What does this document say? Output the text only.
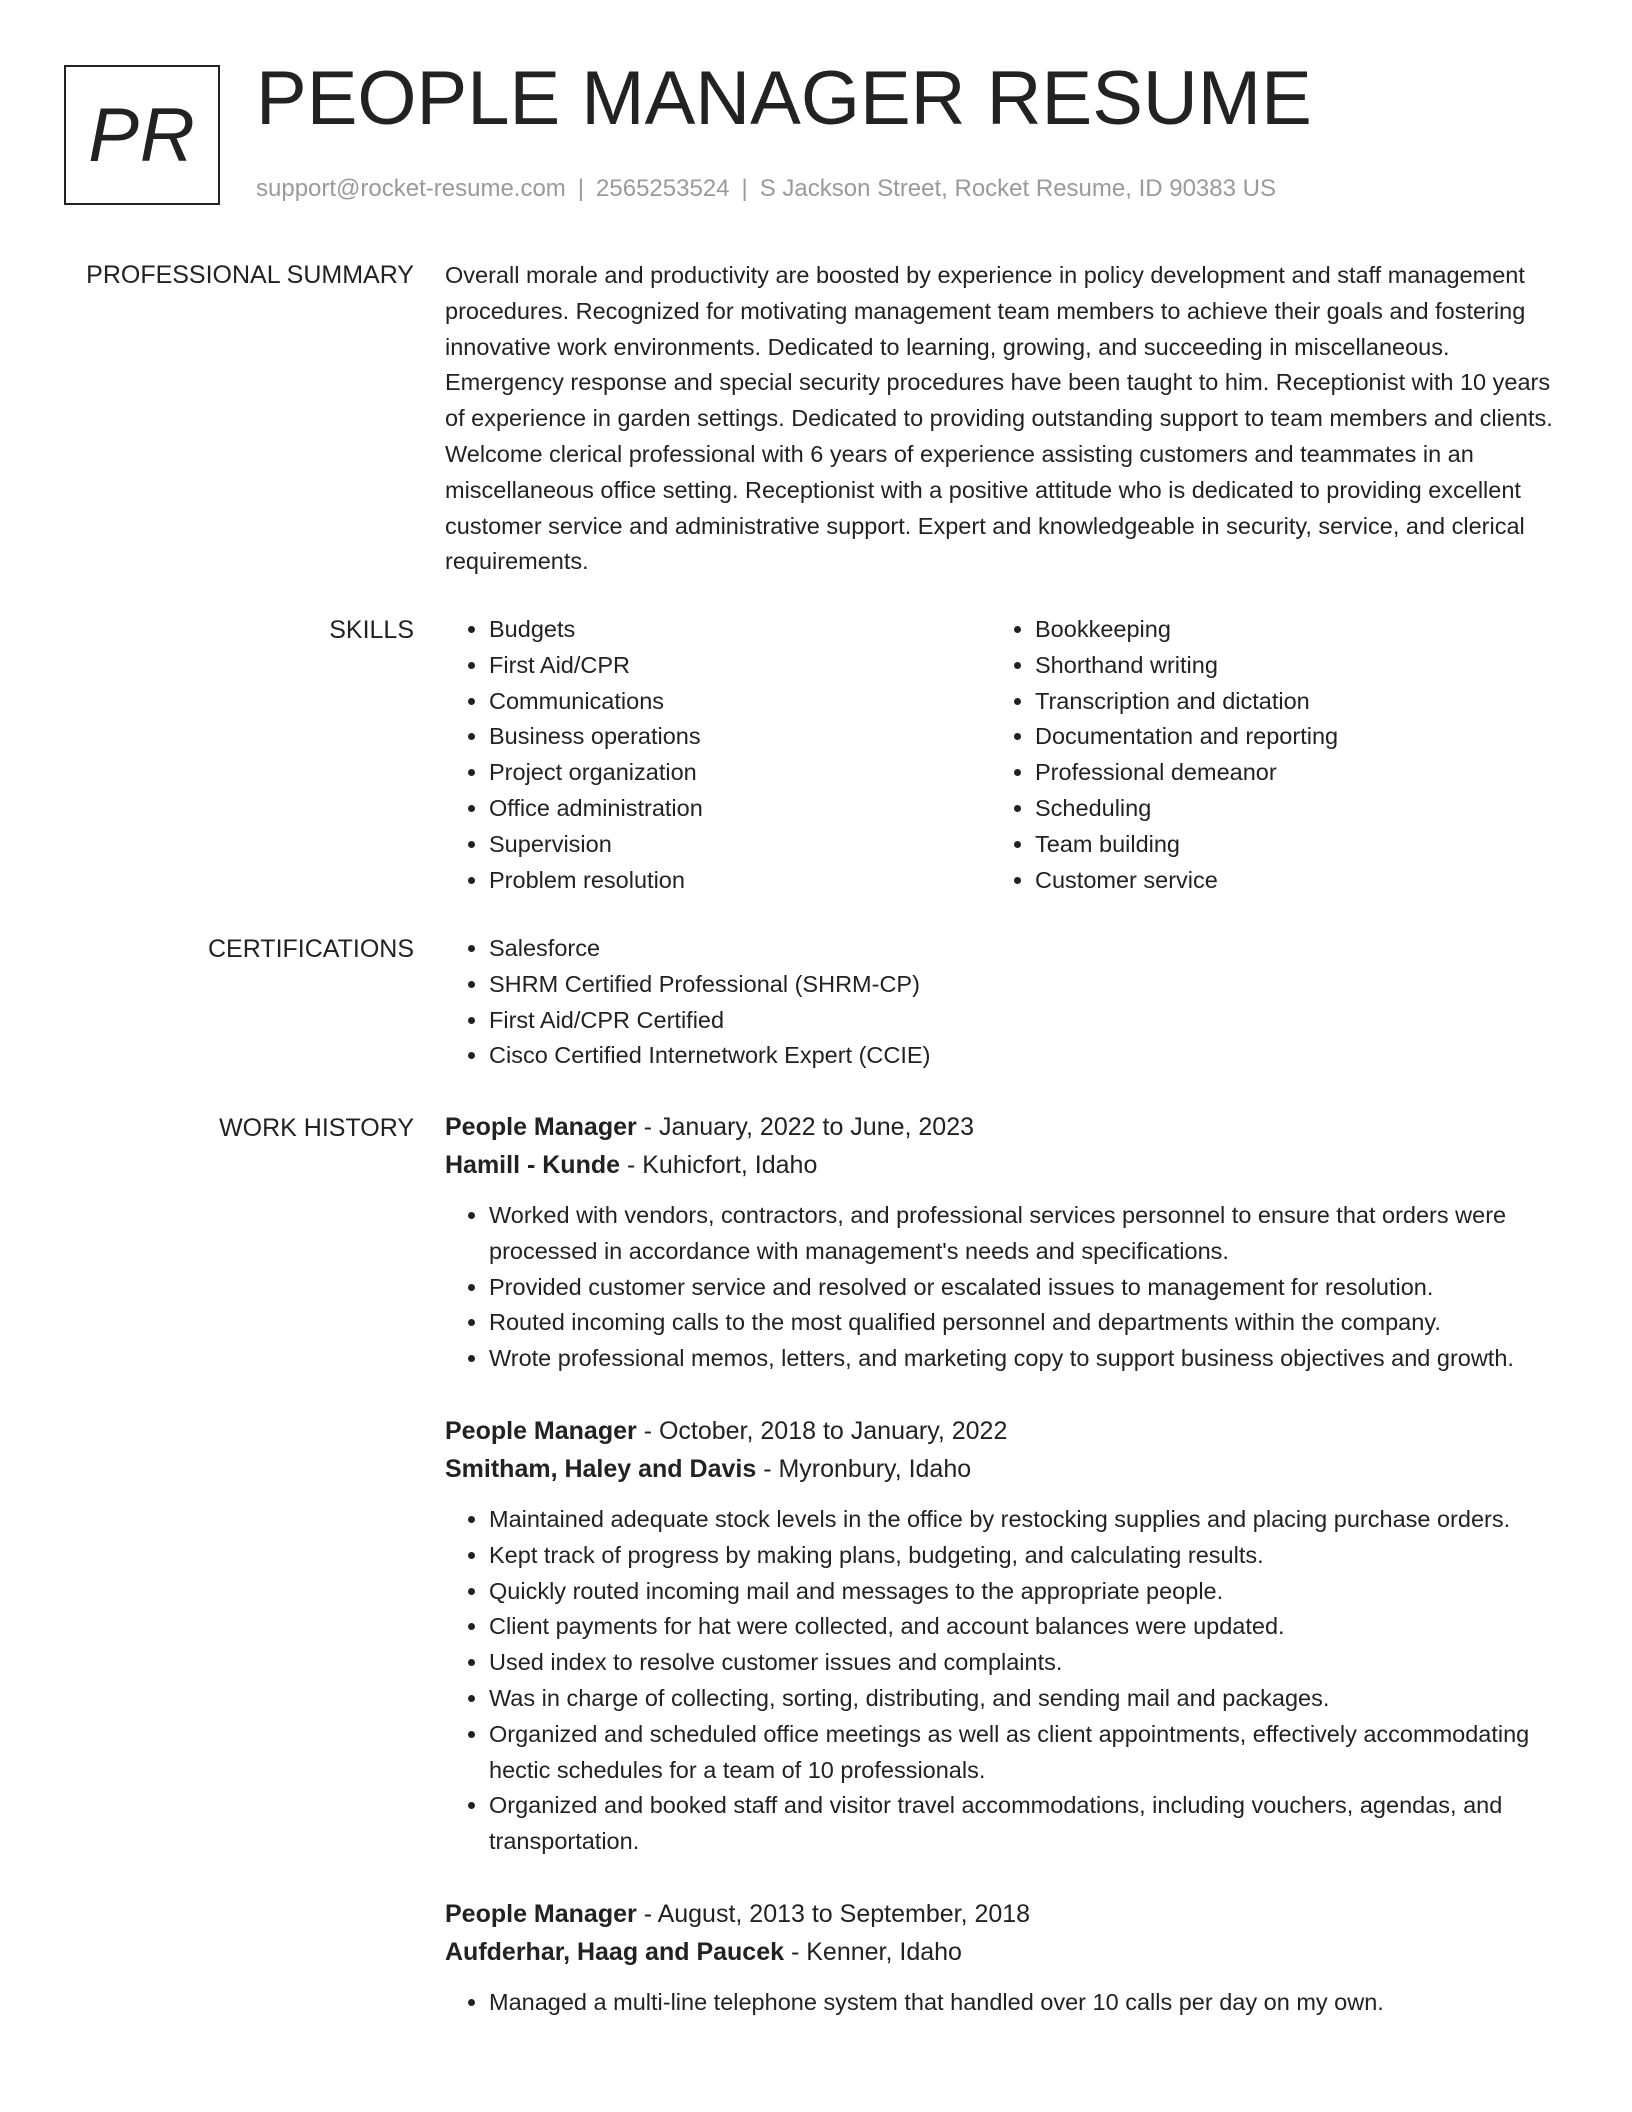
PR PEOPLE MANAGER RESUME
support@rocket-resume.com | 2565253524 | S Jackson Street, Rocket Resume, ID 90383 US
PROFESSIONAL SUMMARY Overall morale and productivity are boosted by experience in policy development and staff management procedures. Recognized for motivating management team members to achieve their goals and fostering innovative work environments. Dedicated to learning, growing, and succeeding in miscellaneous. Emergency response and special security procedures have been taught to him. Receptionist with 10 years of experience in garden settings. Dedicated to providing outstanding support to team members and clients. Welcome clerical professional with 6 years of experience assisting customers and teammates in an miscellaneous office setting. Receptionist with a positive attitude who is dedicated to providing excellent customer service and administrative support. Expert and knowledgeable in security, service, and clerical requirements.

SKILLS	• Budgets
• First Aid/CPR
• Communications
• Business operations
• Project organization
• Office administration
• Supervision
• Problem resolution
• Bookkeeping
• Shorthand writing
• Transcription and dictation
• Documentation and reporting
• Professional demeanor
• Scheduling
• Team building
• Customer service
CERTIFICATIONS	• Salesforce
• SHRM Certified Professional (SHRM-CP)
• First Aid/CPR Certified
• Cisco Certified Internetwork Expert (CCIE)
WORK HISTORY People Manager - January, 2022 to June, 2023
Hamill - Kunde - Kuhicfort, Idaho
• Worked with vendors, contractors, and professional services personnel to ensure that orders were processed in accordance with management's needs and specifications.
• Provided customer service and resolved or escalated issues to management for resolution.
• Routed incoming calls to the most qualified personnel and departments within the company.
• Wrote professional memos, letters, and marketing copy to support business objectives and growth.
People Manager - October, 2018 to January, 2022
Smitham, Haley and Davis - Myronbury, Idaho
• Maintained adequate stock levels in the office by restocking supplies and placing purchase orders.
• Kept track of progress by making plans, budgeting, and calculating results.
• Quickly routed incoming mail and messages to the appropriate people.
• Client payments for hat were collected, and account balances were updated.
• Used index to resolve customer issues and complaints.
• Was in charge of collecting, sorting, distributing, and sending mail and packages.
• Organized and scheduled office meetings as well as client appointments, effectively accommodating hectic schedules for a team of 10 professionals.
• Organized and booked staff and visitor travel accommodations, including vouchers, agendas, and transportation.
People Manager - August, 2013 to September, 2018
Aufderhar, Haag and Paucek - Kenner, Idaho
• Managed a multi-line telephone system that handled over 10 calls per day on my own.
